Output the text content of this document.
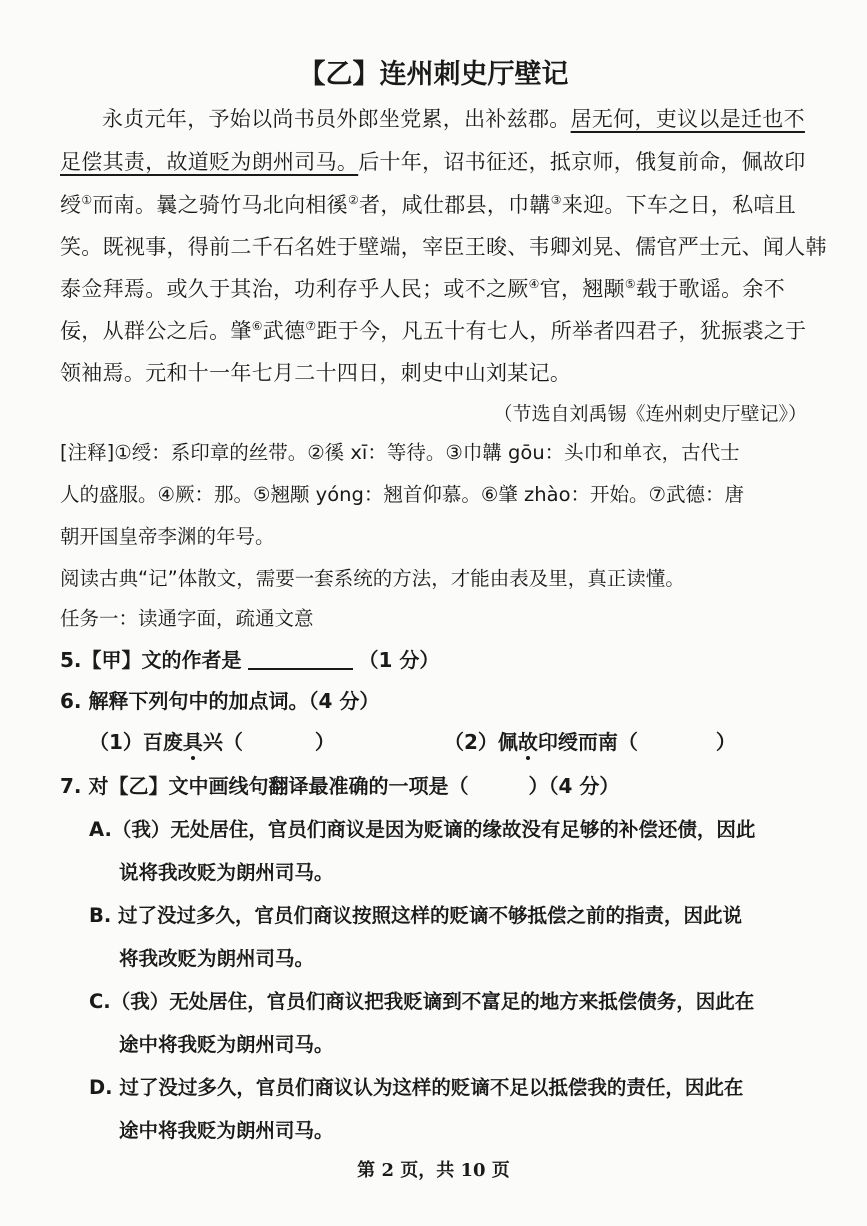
【乙】连州刺史厅壁记
永贞元年，予始以尚书员外郎坐党累，出补兹郡。居无何，吏议以是迁也不
足偿其责，故道贬为朗州司马。后十年，诏书征还，抵京师，俄复前命，佩故印
绶①而南。曩之骑竹马北向相徯②者，咸仕郡县，巾韝③来迎。下车之日，私唁且
笑。既视事，得前二千石名姓于壁端，宰臣王晙、韦卿刘晃、儒官严士元、闻人韩
泰佥拜焉。或久于其治，功利存乎人民；或不之厥④官，翘颙⑤载于歌谣。余不
佞，从群公之后。肇⑥武德⑦距于今，凡五十有七人，所举者四君子，犹振裘之于
领袖焉。元和十一年七月二十四日，刺史中山刘某记。
（节选自刘禹锡《连州刺史厅壁记》）
[注释]①绶：系印章的丝带。②徯 xī：等待。③巾韝 gōu：头巾和单衣，古代士
人的盛服。④厥：那。⑤翘颙 yóng：翘首仰慕。⑥肇 zhào：开始。⑦武德：唐
朝开国皇帝李渊的年号。
阅读古典“记”体散文，需要一套系统的方法，才能由表及里，真正读懂。
任务一：读通字面，疏通文意
5.【甲】文的作者是	（1 分）
6. 解释下列句中的加点词。（4 分）
（1）百废具兴（	）	（2）佩故印绶而南（	）
7. 对【乙】文中画线句翻译最准确的一项是（	）（4 分）
A.（我）无处居住，官员们商议是因为贬谪的缘故没有足够的补偿还债，因此
说将我改贬为朗州司马。
B. 过了没过多久，官员们商议按照这样的贬谪不够抵偿之前的指责，因此说
将我改贬为朗州司马。
C.（我）无处居住，官员们商议把我贬谪到不富足的地方来抵偿债务，因此在
途中将我贬为朗州司马。
D. 过了没过多久，官员们商议认为这样的贬谪不足以抵偿我的责任，因此在
途中将我贬为朗州司马。
第 2 页，共 10 页
